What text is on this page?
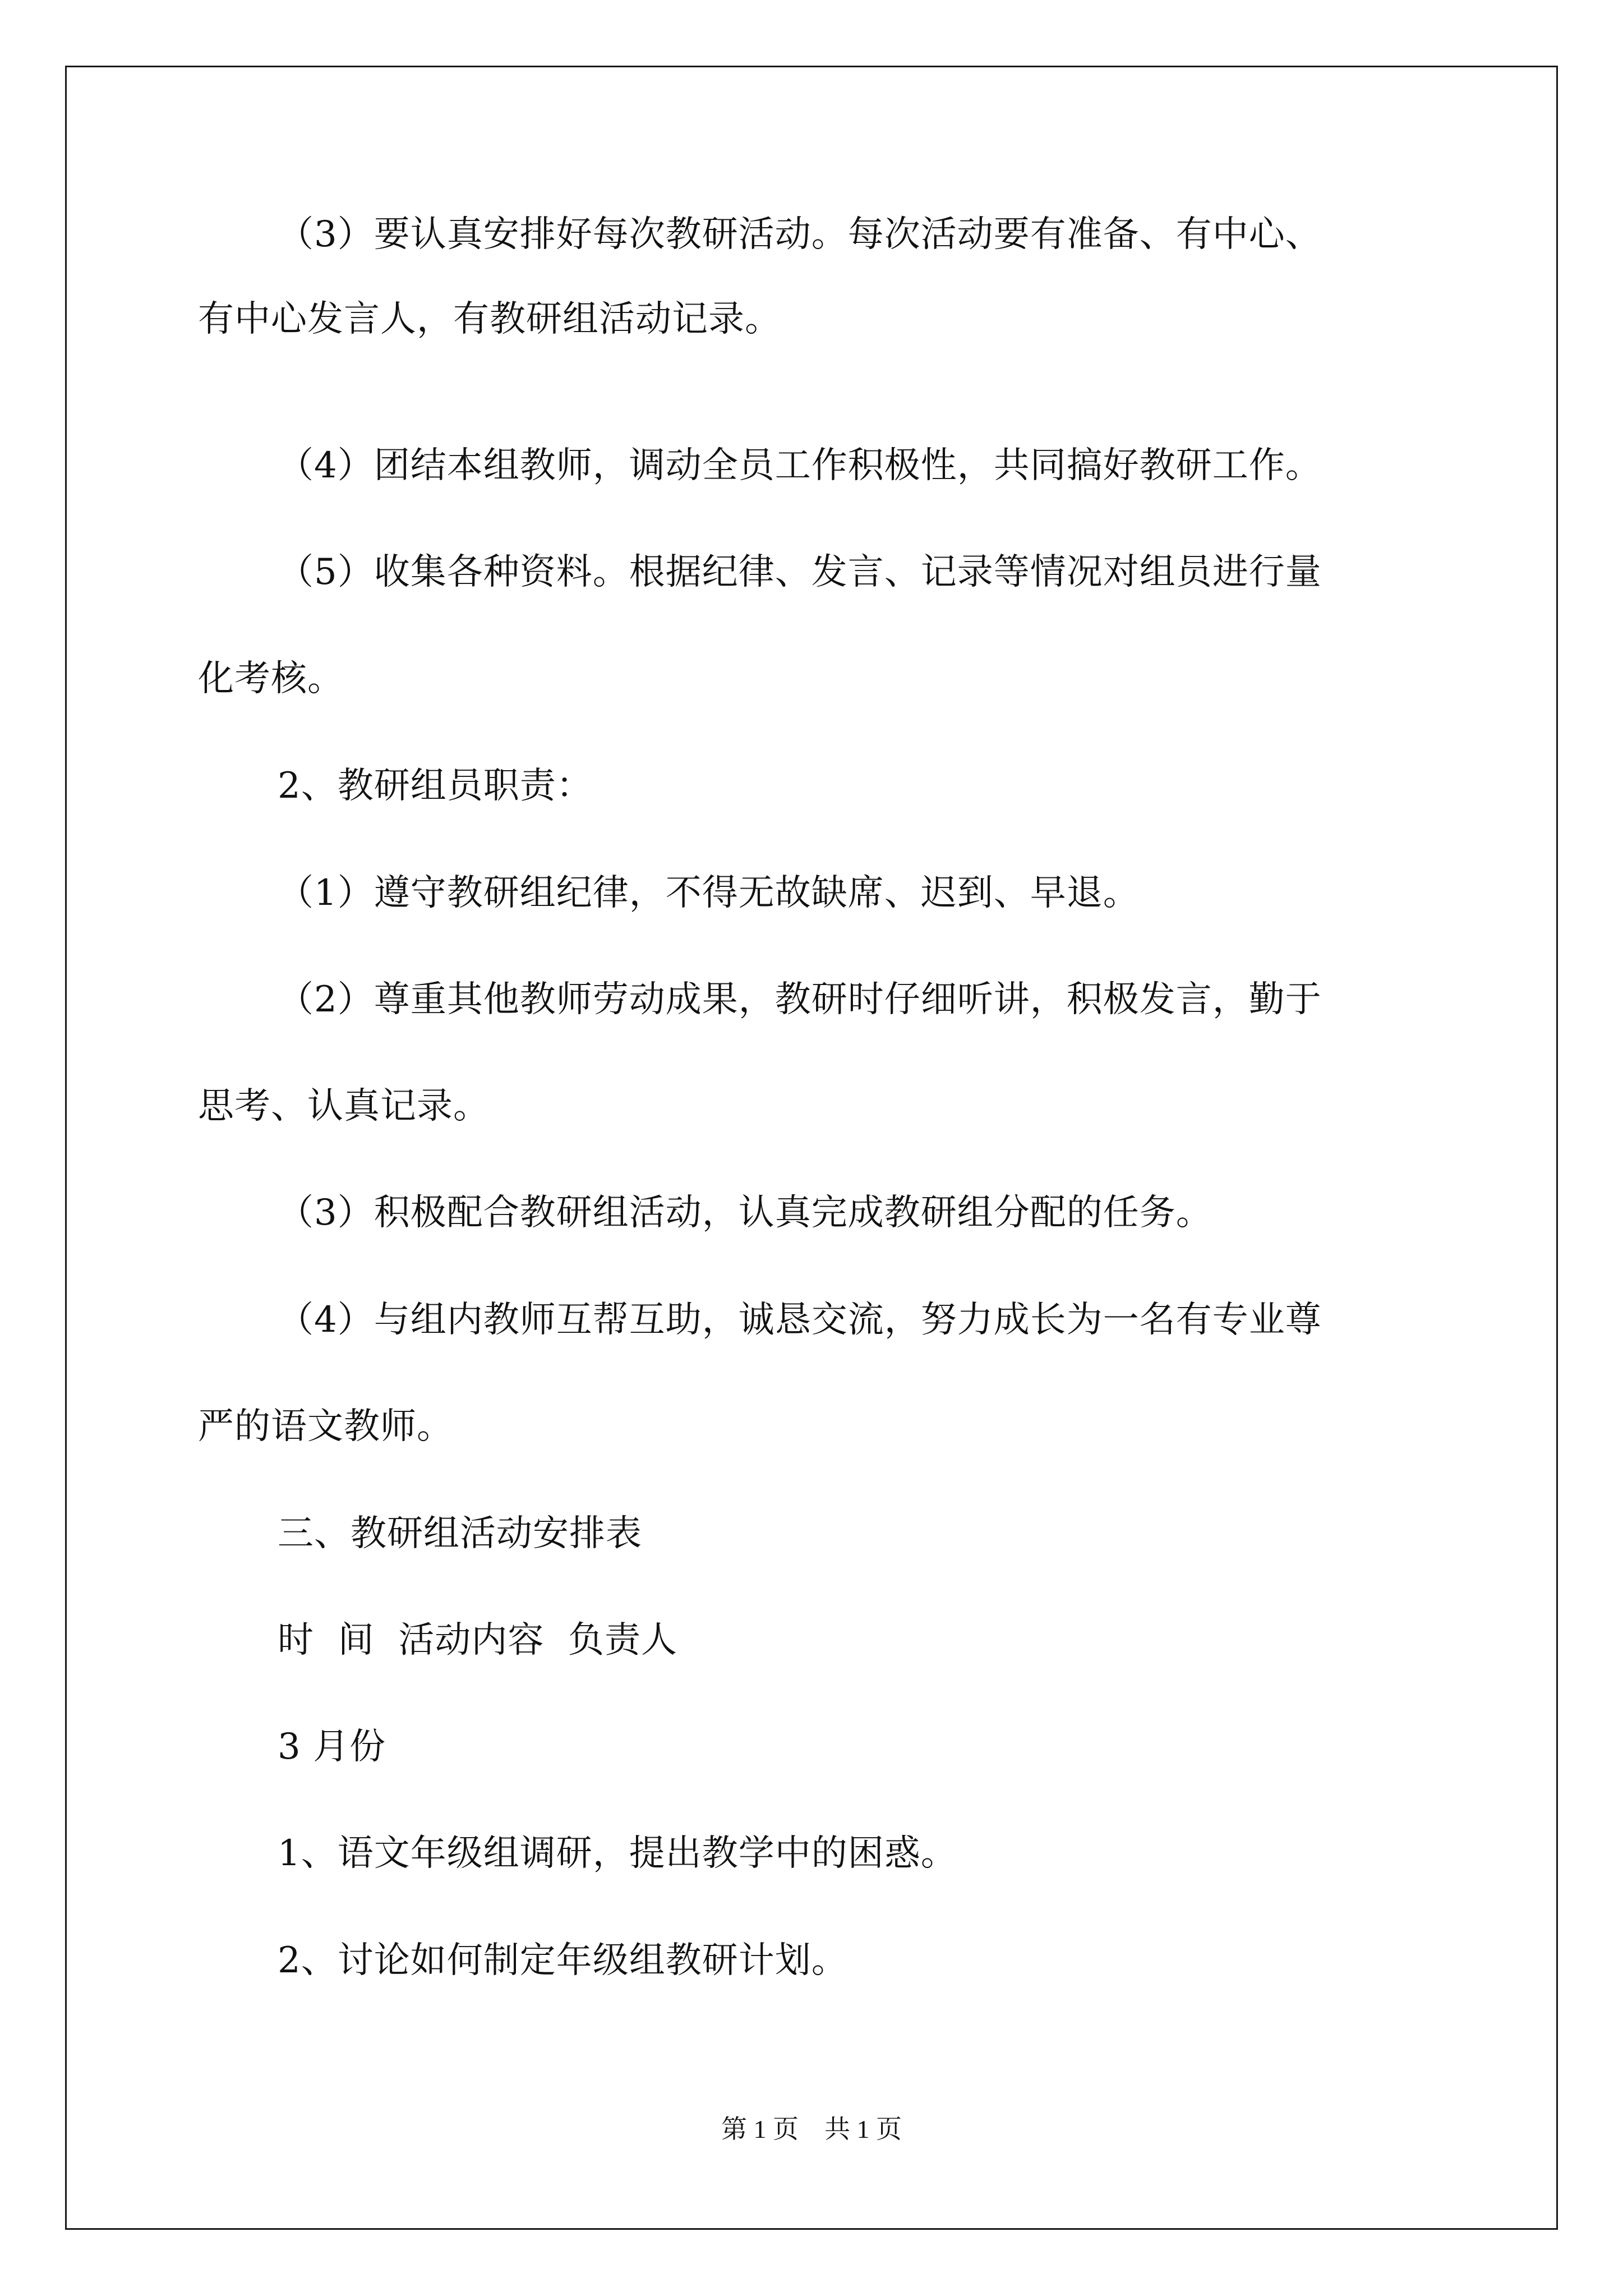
（3）要认真安排好每次教研活动。每次活动要有准备、有中心、
有中心发言人，有教研组活动记录。
（4）团结本组教师，调动全员工作积极性，共同搞好教研工作。
（5）收集各种资料。根据纪律、发言、记录等情况对组员进行量
化考核。
2、教研组员职责：
（1）遵守教研组纪律，不得无故缺席、迟到、早退。
（2）尊重其他教师劳动成果，教研时仔细听讲，积极发言，勤于
思考、认真记录。
（3）积极配合教研组活动，认真完成教研组分配的任务。
（4）与组内教师互帮互助，诚恳交流，努力成长为一名有专业尊
严的语文教师。
三、教研组活动安排表
时  间  活动内容  负责人
3 月份
1、语文年级组调研，提出教学中的困惑。
2、讨论如何制定年级组教研计划。
第 1 页    共 1 页
